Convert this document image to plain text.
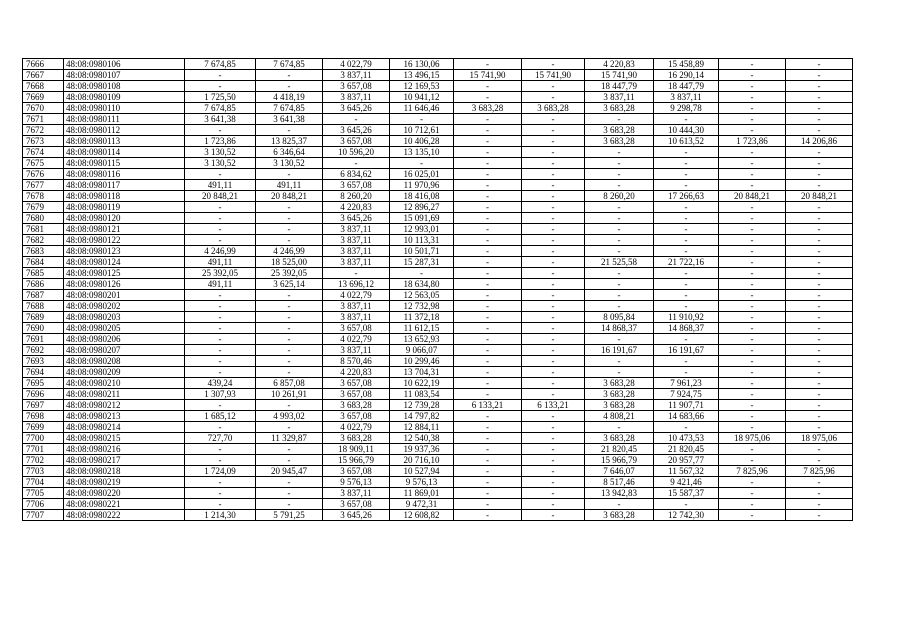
7666	48:08:0980106	7 674,85	7 674,85	4 022,79	16 130,06	-	-	4 220,83	15 458,89	-	-
7667	48:08:0980107	-	-	3 837,11	13 496,15	15 741,90	15 741,90	15 741,90	16 290,14	-	-
7668	48:08:0980108	-	-	3 657,08	12 169,53	-	-	18 447,79	18 447,79	-	-
7669	48:08:0980109	1 725,50	4 418,19	3 837,11	10 941,12	-	-	3 837,11	3 837,11	-	-
7670	48:08:0980110	7 674,85	7 674,85	3 645,26	11 646,46	3 683,28	3 683,28	3 683,28	9 298,78	-	-
7671	48:08:0980111	3 641,38	3 641,38	-	-	-	-	-	-	-	-
7672	48:08:0980112	-	-	3 645,26	10 712,61	-	-	3 683,28	10 444,30	-	-
7673	48:08:0980113	1 723,86	13 825,37	3 657,08	10 406,28	-	-	3 683,28	10 613,52	1 723,86	14 206,86
7674	48:08:0980114	3 130,52	6 346,64	10 596,20	13 135,10	-	-	-	-	-	-
7675	48:08:0980115	3 130,52	3 130,52	-	-	-	-	-	-	-	-
7676	48:08:0980116	-	-	6 834,62	16 025,01	-	-	-	-	-	-
7677	48:08:0980117	491,11	491,11	3 657,08	11 970,96	-	-	-	-	-	-
7678	48:08:0980118	20 848,21	20 848,21	8 260,20	18 416,08	-	-	8 260,20	17 266,63	20 848,21	20 848,21
7679	48:08:0980119	-	-	4 220,83	12 896,27	-	-	-	-	-	-
7680	48:08:0980120	-	-	3 645,26	15 091,69	-	-	-	-	-	-
7681	48:08:0980121	-	-	3 837,11	12 993,01	-	-	-	-	-	-
7682	48:08:0980122	-	-	3 837,11	10 113,31	-	-	-	-	-	-
7683	48:08:0980123	4 246,99	4 246,99	3 837,11	10 501,71	-	-	-	-	-	-
7684	48:08:0980124	491,11	18 525,00	3 837,11	15 287,31	-	-	21 525,58	21 722,16	-	-
7685	48:08:0980125	25 392,05	25 392,05	-	-	-	-	-	-	-	-
7686	48:08:0980126	491,11	3 625,14	13 696,12	18 634,80	-	-	-	-	-	-
7687	48:08:0980201	-	-	4 022,79	12 563,05	-	-	-	-	-	-
7688	48:08:0980202	-	-	3 837,11	12 732,98	-	-	-	-	-	-
7689	48:08:0980203	-	-	3 837,11	11 372,18	-	-	8 095,84	11 910,92	-	-
7690	48:08:0980205	-	-	3 657,08	11 612,15	-	-	14 868,37	14 868,37	-	-
7691	48:08:0980206	-	-	4 022,79	13 652,93	-	-	-	-	-	-
7692	48:08:0980207	-	-	3 837,11	9 066,07	-	-	16 191,67	16 191,67	-	-
7693	48:08:0980208	-	-	8 570,46	10 299,46	-	-	-	-	-	-
7694	48:08:0980209	-	-	4 220,83	13 704,31	-	-	-	-	-	-
7695	48:08:0980210	439,24	6 857,08	3 657,08	10 622,19	-	-	3 683,28	7 961,23	-	-
7696	48:08:0980211	1 307,93	10 261,91	3 657,08	11 083,54	-	-	3 683,28	7 924,75	-	-
7697	48:08:0980212	-	-	3 683,28	12 739,28	6 133,21	6 133,21	3 683,28	11 907,71	-	-
7698	48:08:0980213	1 685,12	4 993,02	3 657,08	14 797,82	-	-	4 808,21	14 683,66	-	-
7699	48:08:0980214	-	-	4 022,79	12 884,11	-	-	-	-	-	-
7700	48:08:0980215	727,70	11 329,87	3 683,28	12 540,38	-	-	3 683,28	10 473,53	18 975,06	18 975,06
7701	48:08:0980216	-	-	18 909,11	19 937,36	-	-	21 820,45	21 820,45	-	-
7702	48:08:0980217	-	-	15 966,79	20 716,10	-	-	15 966,79	20 957,77	-	-
7703	48:08:0980218	1 724,09	20 945,47	3 657,08	10 527,94	-	-	7 646,07	11 567,32	7 825,96	7 825,96
7704	48:08:0980219	-	-	9 576,13	9 576,13	-	-	8 517,46	9 421,46	-	-
7705	48:08:0980220	-	-	3 837,11	11 869,01	-	-	13 942,83	15 587,37	-	-
7706	48:08:0980221	-	-	3 657,08	9 472,31	-	-	-	-	-	-
7707	48:08:0980222	1 214,30	5 791,25	3 645,26	12 608,82	-	-	3 683,28	12 742,30	-	-
